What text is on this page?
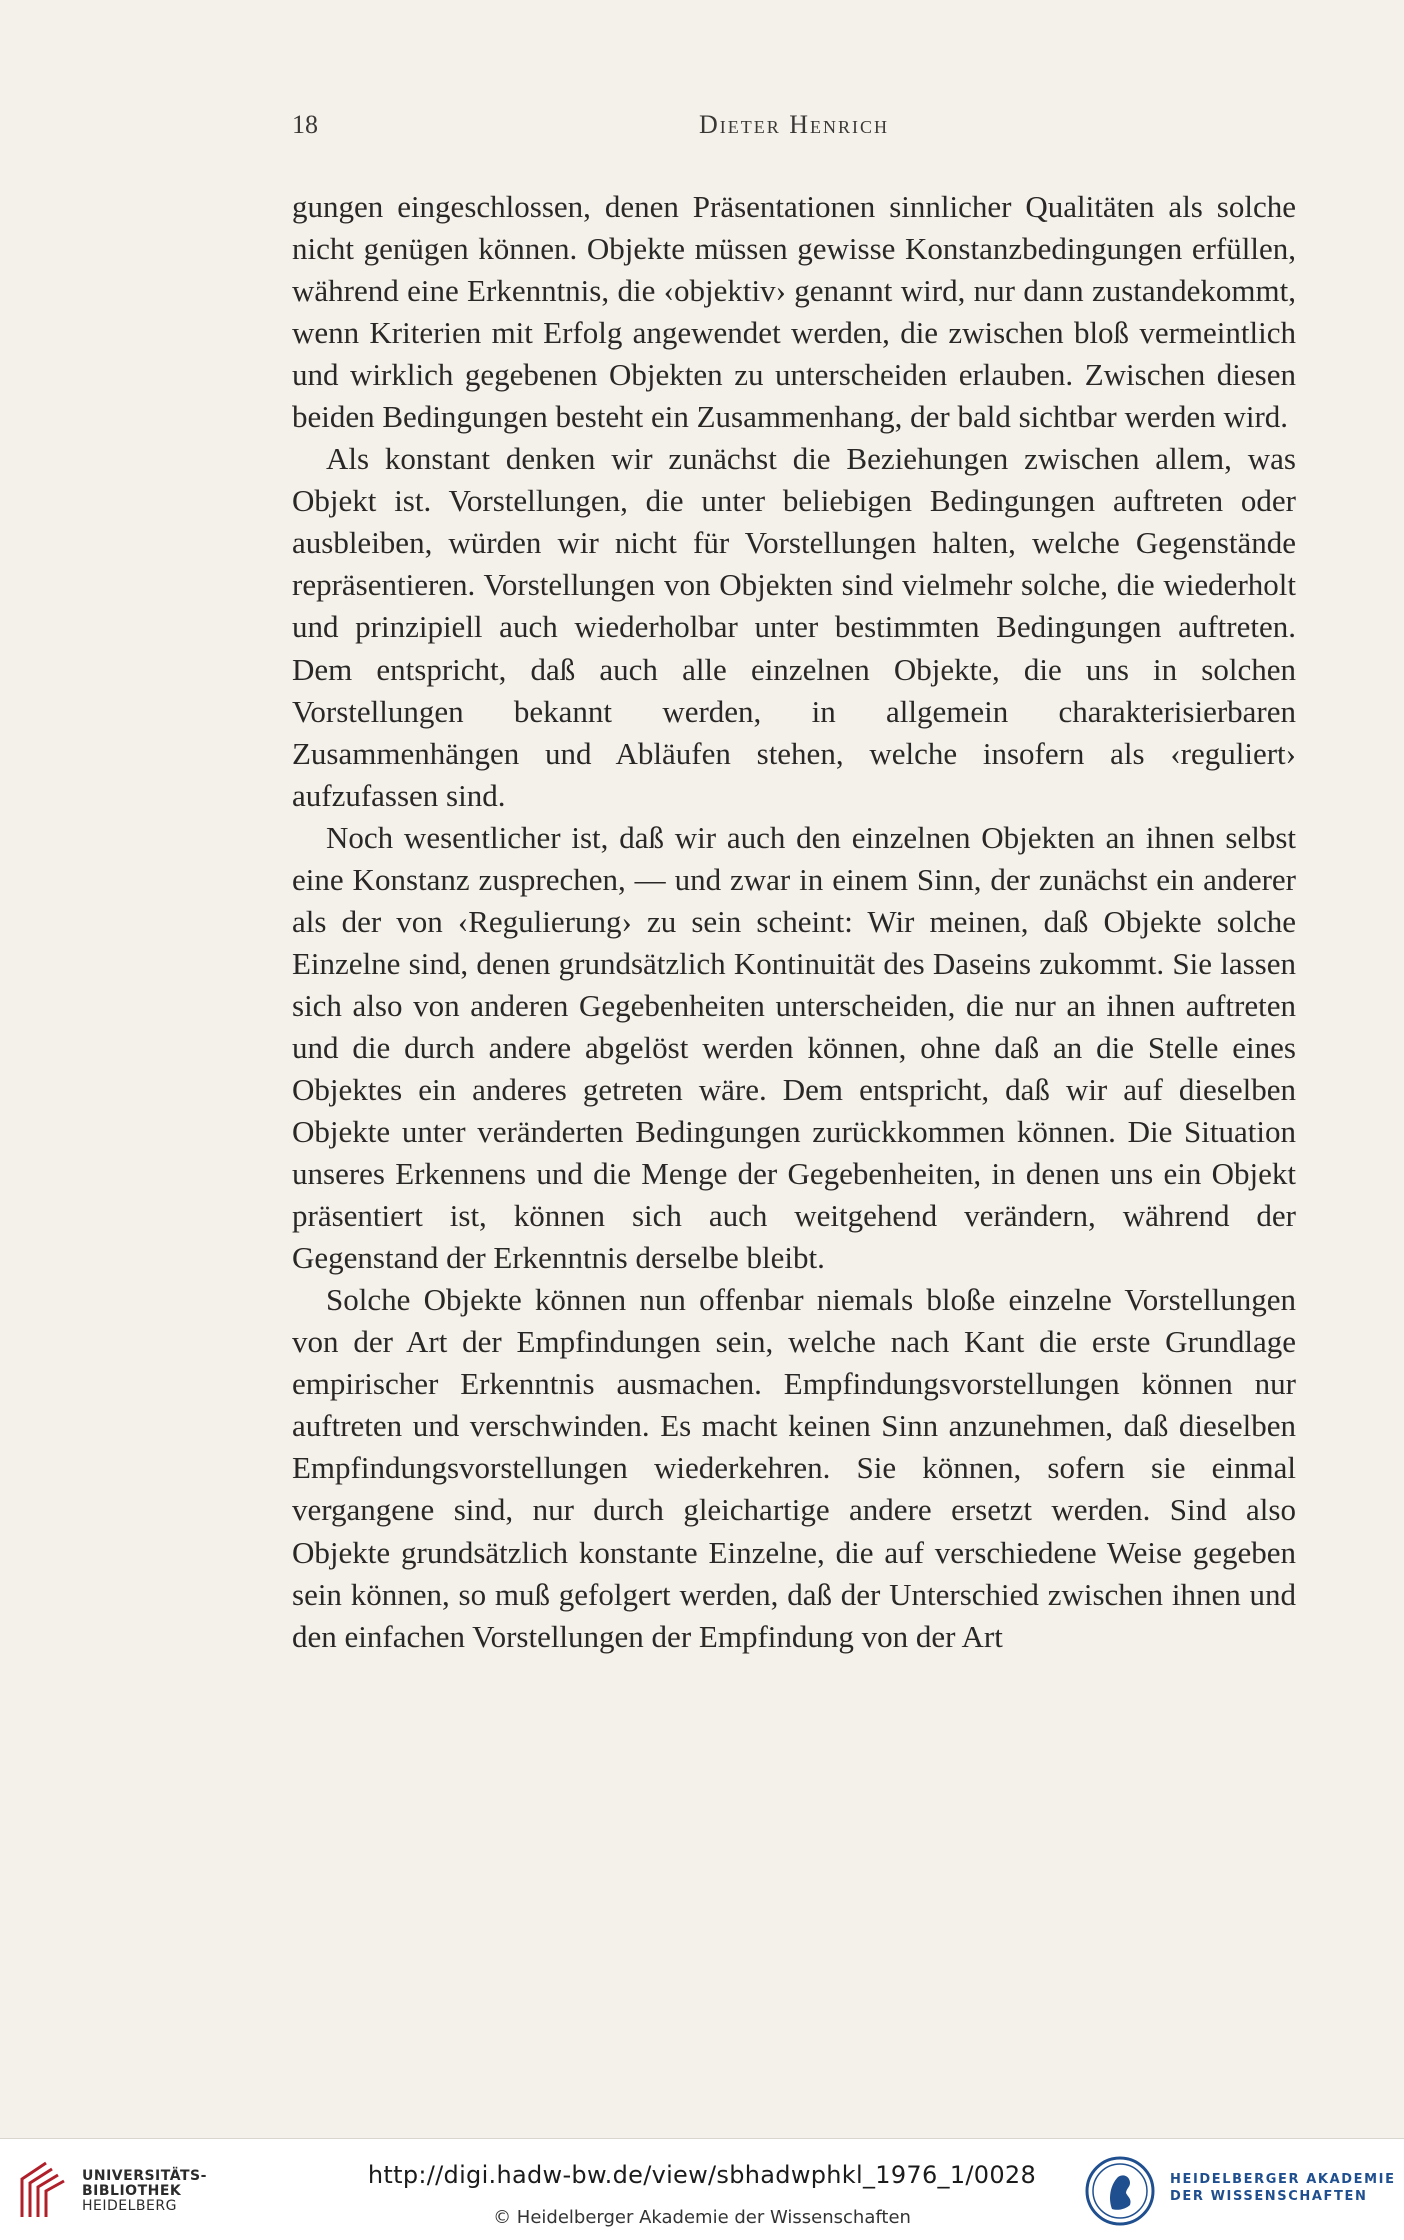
18	Dieter Henrich

gungen eingeschlossen, denen Präsentationen sinnlicher Qualitäten als solche nicht genügen können. Objekte müssen gewisse Konstanzbedingungen erfüllen, während eine Erkenntnis, die ‹objektiv› genannt wird, nur dann zustandekommt, wenn Kriterien mit Erfolg angewendet werden, die zwischen bloß vermeintlich und wirklich gegebenen Objekten zu unterscheiden erlauben. Zwischen diesen beiden Bedingungen besteht ein Zusammenhang, der bald sichtbar werden wird.

Als konstant denken wir zunächst die Beziehungen zwischen allem, was Objekt ist. Vorstellungen, die unter beliebigen Bedingungen auftreten oder ausbleiben, würden wir nicht für Vorstellungen halten, welche Gegenstände repräsentieren. Vorstellungen von Objekten sind vielmehr solche, die wiederholt und prinzipiell auch wiederholbar unter bestimmten Bedingungen auftreten. Dem entspricht, daß auch alle einzelnen Objekte, die uns in solchen Vorstellungen bekannt werden, in allgemein charakterisierbaren Zusammenhängen und Abläufen stehen, welche insofern als ‹reguliert› aufzufassen sind.

Noch wesentlicher ist, daß wir auch den einzelnen Objekten an ihnen selbst eine Konstanz zusprechen, — und zwar in einem Sinn, der zunächst ein anderer als der von ‹Regulierung› zu sein scheint: Wir meinen, daß Objekte solche Einzelne sind, denen grundsätzlich Kontinuität des Daseins zukommt. Sie lassen sich also von anderen Gegebenheiten unterscheiden, die nur an ihnen auftreten und die durch andere abgelöst werden können, ohne daß an die Stelle eines Objektes ein anderes getreten wäre. Dem entspricht, daß wir auf dieselben Objekte unter veränderten Bedingungen zurückkommen können. Die Situation unseres Erkennens und die Menge der Gegebenheiten, in denen uns ein Objekt präsentiert ist, können sich auch weitgehend verändern, während der Gegenstand der Erkenntnis derselbe bleibt.

Solche Objekte können nun offenbar niemals bloße einzelne Vorstellungen von der Art der Empfindungen sein, welche nach Kant die erste Grundlage empirischer Erkenntnis ausmachen. Empfindungsvorstellungen können nur auftreten und verschwinden. Es macht keinen Sinn anzunehmen, daß dieselben Empfindungsvorstellungen wiederkehren. Sie können, sofern sie einmal vergangene sind, nur durch gleichartige andere ersetzt werden. Sind also Objekte grundsätzlich konstante Einzelne, die auf verschiedene Weise gegeben sein können, so muß gefolgert werden, daß der Unterschied zwischen ihnen und den einfachen Vorstellungen der Empfindung von der Art

UNIVERSITÄTS-
BIBLIOTHEK
HEIDELBERG
http://digi.hadw-bw.de/view/sbhadwphkl_1976_1/0028
© Heidelberger Akademie der Wissenschaften
HEIDELBERGER AKADEMIE
DER WISSENSCHAFTEN
